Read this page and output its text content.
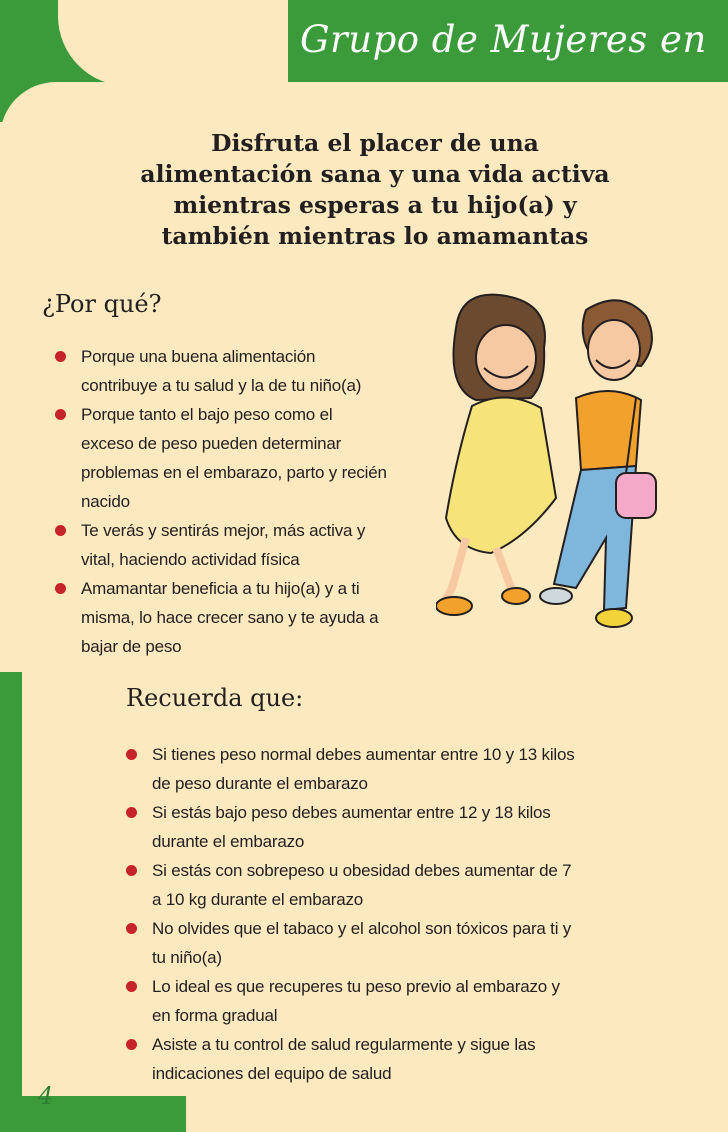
Grupo de Mujeres en
Disfruta el placer de una
alimentación sana y una vida activa
mientras esperas a tu hijo(a) y
también mientras lo amamantas
¿Por qué?
Porque una buena alimentación
contribuye a tu salud y la de tu niño(a)
Porque tanto el bajo peso como el
exceso de peso pueden determinar
problemas en el embarazo, parto y recién
nacido
Te verás y sentirás mejor, más activa y
vital, haciendo actividad física
Amamantar beneficia a tu hijo(a) y a ti
misma, lo hace crecer sano y te ayuda a
bajar de peso
Recuerda que:
Si tienes peso normal debes aumentar entre 10 y 13 kilos
de peso durante el embarazo
Si estás bajo peso debes aumentar entre 12 y 18 kilos
durante el embarazo
Si estás con sobrepeso u obesidad debes aumentar de 7
a 10 kg durante el embarazo
No olvides que el tabaco y el alcohol son tóxicos para ti y
tu niño(a)
Lo ideal es que recuperes tu peso previo al embarazo y
en forma gradual
Asiste a tu control de salud regularmente y sigue las
indicaciones del equipo de salud
4
